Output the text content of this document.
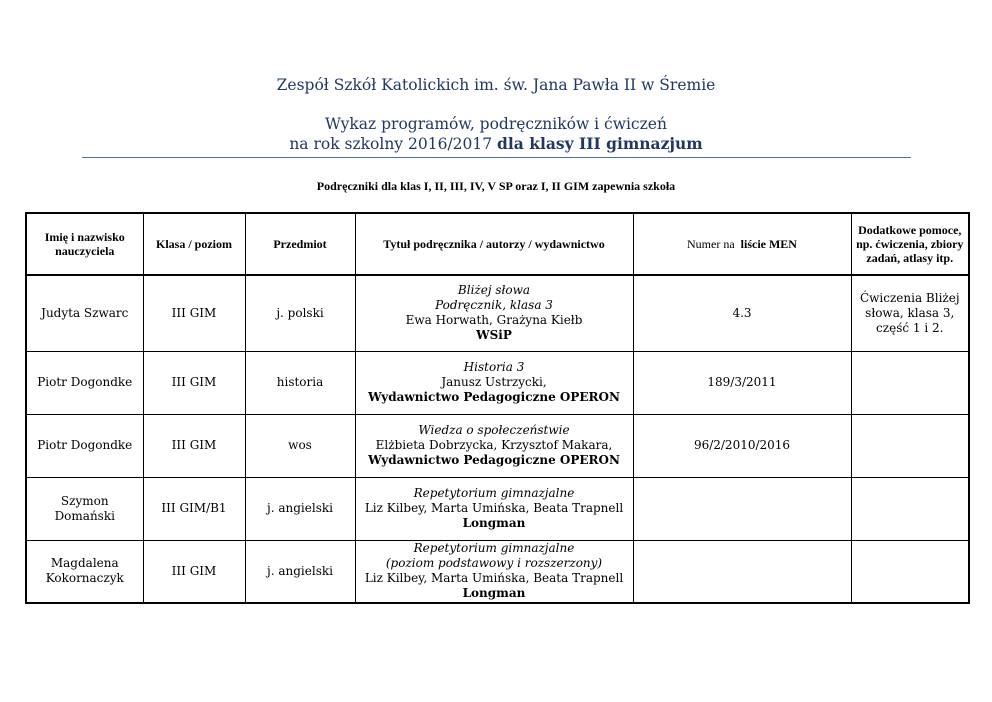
Zespół Szkół Katolickich im. św. Jana Pawła II w Śremie
Wykaz programów, podręczników i ćwiczeń
na rok szkolny 2016/2017 dla klasy III gimnazjum
Podręczniki dla klas I, II, III, IV, V SP oraz I, II GIM zapewnia szkoła
Imię i nazwisko nauczyciela	Klasa / poziom	Przedmiot	Tytuł podręcznika / autorzy / wydawnictwo	Numer na liście MEN	Dodatkowe pomoce, np. ćwiczenia, zbiory zadań, atlasy itp.
Judyta Szwarc	III GIM	j. polski	Bliżej słowa
Podręcznik, klasa 3
Ewa Horwath, Grażyna Kiełb
WSiP	4.3	Ćwiczenia Bliżej słowa, klasa 3, część 1 i 2.
Piotr Dogondke	III GIM	historia	Historia 3
Janusz Ustrzycki,
Wydawnictwo Pedagogiczne OPERON	189/3/2011	
Piotr Dogondke	III GIM	wos	Wiedza o społeczeństwie
Elżbieta Dobrzycka, Krzysztof Makara,
Wydawnictwo Pedagogiczne OPERON	96/2/2010/2016	
Szymon Domański	III GIM/B1	j. angielski	Repetytorium gimnazjalne
Liz Kilbey, Marta Umińska, Beata Trapnell
Longman		

Magdalena Kokornaczyk	III GIM	j. angielski	Repetytorium gimnazjalne
(poziom podstawowy i rozszerzony)
Liz Kilbey, Marta Umińska, Beata Trapnell
Longman		
